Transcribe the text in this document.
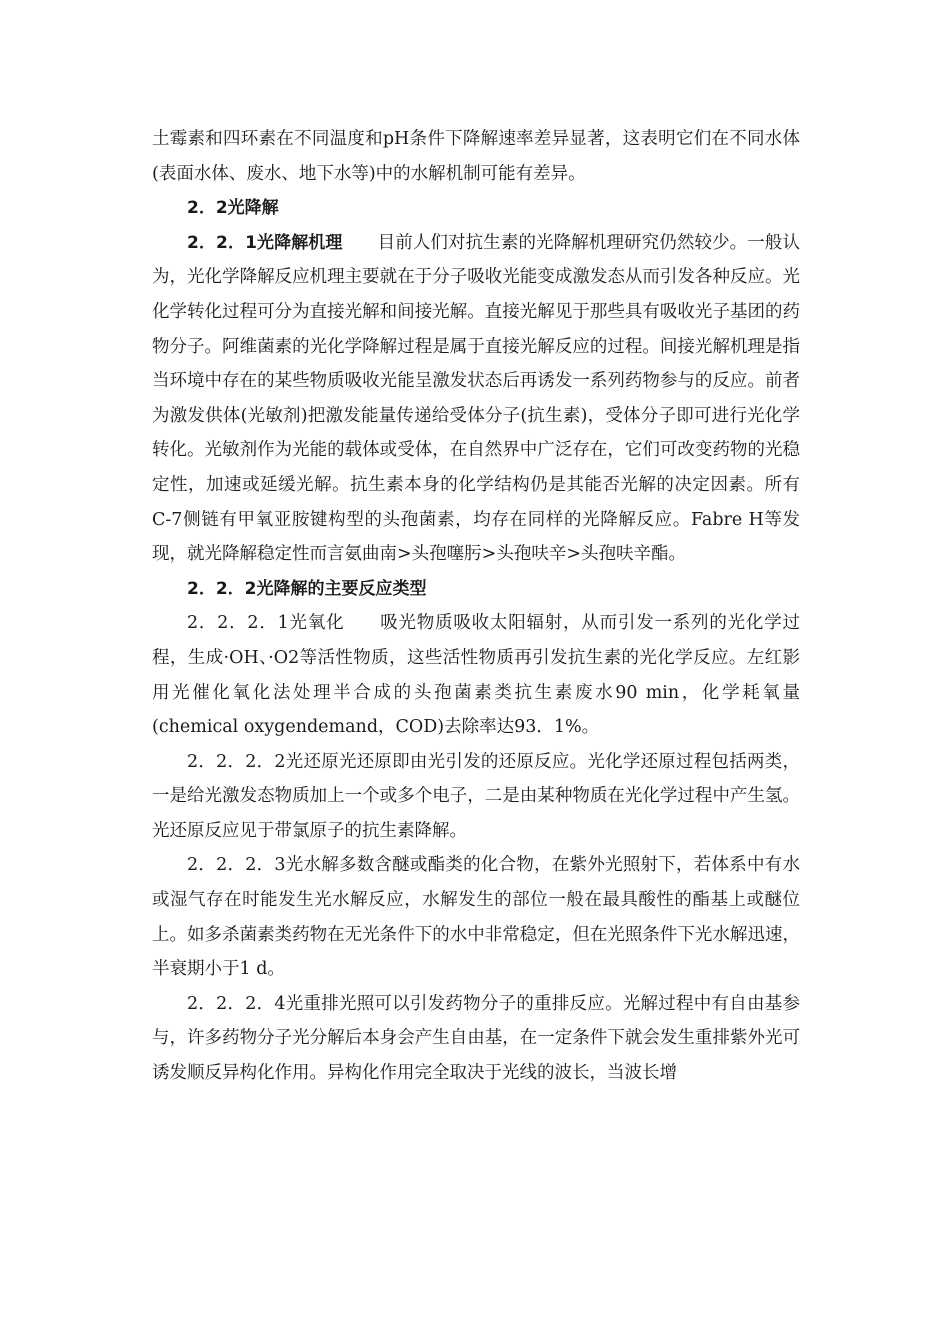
土霉素和四环素在不同温度和pH条件下降解速率差异显著，这表明它们在不同水体(表面水体、废水、地下水等)中的水解机制可能有差异。

2．2光降解

2．2．1光降解机理 目前人们对抗生素的光降解机理研究仍然较少。一般认为，光化学降解反应机理主要就在于分子吸收光能变成激发态从而引发各种反应。光化学转化过程可分为直接光解和间接光解。直接光解见于那些具有吸收光子基团的药物分子。阿维菌素的光化学降解过程是属于直接光解反应的过程。间接光解机理是指当环境中存在的某些物质吸收光能呈激发状态后再诱发一系列药物参与的反应。前者为激发供体(光敏剂)把激发能量传递给受体分子(抗生素)，受体分子即可进行光化学转化。光敏剂作为光能的载体或受体，在自然界中广泛存在，它们可改变药物的光稳定性，加速或延缓光解。抗生素本身的化学结构仍是其能否光解的决定因素。所有C-7侧链有甲氧亚胺键构型的头孢菌素，均存在同样的光降解反应。Fabre H等发现，就光降解稳定性而言氨曲南>头孢噻肟>头孢呋辛>头孢呋辛酯。

2．2．2光降解的主要反应类型

2．2．2．1光氧化 吸光物质吸收太阳辐射，从而引发一系列的光化学过程，生成·OH、·O2等活性物质，这些活性物质再引发抗生素的光化学反应。左红影用光催化氧化法处理半合成的头孢菌素类抗生素废水90 min，化学耗氧量(chemical oxygendemand，COD)去除率达93．1%。

2．2．2．2光还原光还原即由光引发的还原反应。光化学还原过程包括两类，一是给光激发态物质加上一个或多个电子，二是由某种物质在光化学过程中产生氢。光还原反应见于带氯原子的抗生素降解。

2．2．2．3光水解多数含醚或酯类的化合物，在紫外光照射下，若体系中有水或湿气存在时能发生光水解反应，水解发生的部位一般在最具酸性的酯基上或醚位上。如多杀菌素类药物在无光条件下的水中非常稳定，但在光照条件下光水解迅速，半衰期小于1 d。

2．2．2．4光重排光照可以引发药物分子的重排反应。光解过程中有自由基参与，许多药物分子光分解后本身会产生自由基，在一定条件下就会发生重排紫外光可诱发顺反异构化作用。异构化作用完全取决于光线的波长，当波长增
